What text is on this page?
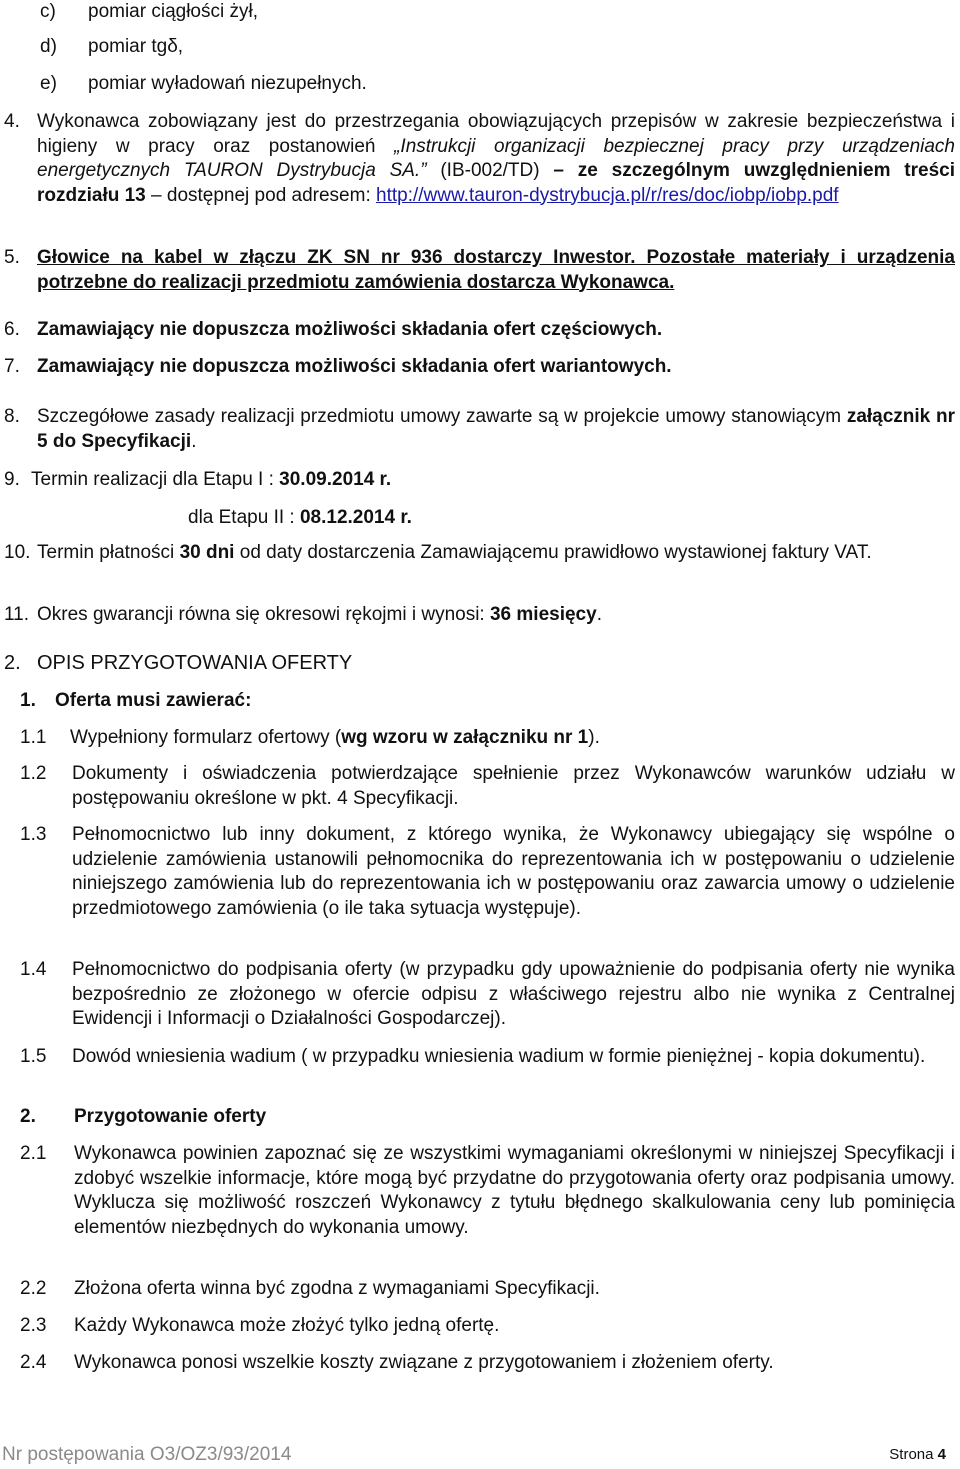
c) pomiar ciągłości żył,
d) pomiar tgδ,
e) pomiar wyładowań niezupełnych.
4. Wykonawca zobowiązany jest do przestrzegania obowiązujących przepisów w zakresie bezpieczeństwa i higieny w pracy oraz postanowień „Instrukcji organizacji bezpiecznej pracy przy urządzeniach energetycznych TAURON Dystrybucja SA.” (IB-002/TD) – ze szczególnym uwzględnieniem treści rozdziału 13 – dostępnej pod adresem: http://www.tauron-dystrybucja.pl/r/res/doc/iobp/iobp.pdf
5. Głowice na kabel w złączu ZK SN nr 936 dostarczy Inwestor. Pozostałe materiały i urządzenia potrzebne do realizacji przedmiotu zamówienia dostarcza Wykonawca.
6. Zamawiający nie dopuszcza możliwości składania ofert częściowych.
7. Zamawiający nie dopuszcza możliwości składania ofert wariantowych.
8. Szczegółowe zasady realizacji przedmiotu umowy zawarte są w projekcie umowy stanowiącym załącznik nr 5 do Specyfikacji.
9. Termin realizacji dla Etapu I : 30.09.2014 r.
dla Etapu II : 08.12.2014 r.
10. Termin płatności 30 dni od daty dostarczenia Zamawiającemu prawidłowo wystawionej faktury VAT.
11. Okres gwarancji równa się okresowi rękojmi i wynosi: 36 miesięcy.
2. OPIS PRZYGOTOWANIA OFERTY
1. Oferta musi zawierać:
1.1 Wypełniony formularz ofertowy (wg wzoru w załączniku nr 1).
1.2 Dokumenty i oświadczenia potwierdzające spełnienie przez Wykonawców warunków udziału w postępowaniu określone w pkt. 4 Specyfikacji.
1.3 Pełnomocnictwo lub inny dokument, z którego wynika, że Wykonawcy ubiegający się wspólne o udzielenie zamówienia ustanowili pełnomocnika do reprezentowania ich w postępowaniu o udzielenie niniejszego zamówienia lub do reprezentowania ich w postępowaniu oraz zawarcia umowy o udzielenie przedmiotowego zamówienia (o ile taka sytuacja występuje).
1.4 Pełnomocnictwo do podpisania oferty (w przypadku gdy upoważnienie do podpisania oferty nie wynika bezpośrednio ze złożonego w ofercie odpisu z właściwego rejestru albo nie wynika z Centralnej Ewidencji i Informacji o Działalności Gospodarczej).
1.5 Dowód wniesienia wadium ( w przypadku wniesienia wadium w formie pieniężnej - kopia dokumentu).
2. Przygotowanie oferty
2.1 Wykonawca powinien zapoznać się ze wszystkimi wymaganiami określonymi w niniejszej Specyfikacji i zdobyć wszelkie informacje, które mogą być przydatne do przygotowania oferty oraz podpisania umowy. Wyklucza się możliwość roszczeń Wykonawcy z tytułu błędnego skalkulowania ceny lub pominięcia elementów niezbędnych do wykonania umowy.
2.2 Złożona oferta winna być zgodna z wymaganiami Specyfikacji.
2.3 Każdy Wykonawca może złożyć tylko jedną ofertę.
2.4 Wykonawca ponosi wszelkie koszty związane z przygotowaniem i złożeniem oferty.
Nr postępowania O3/OZ3/93/2014	Strona 4
